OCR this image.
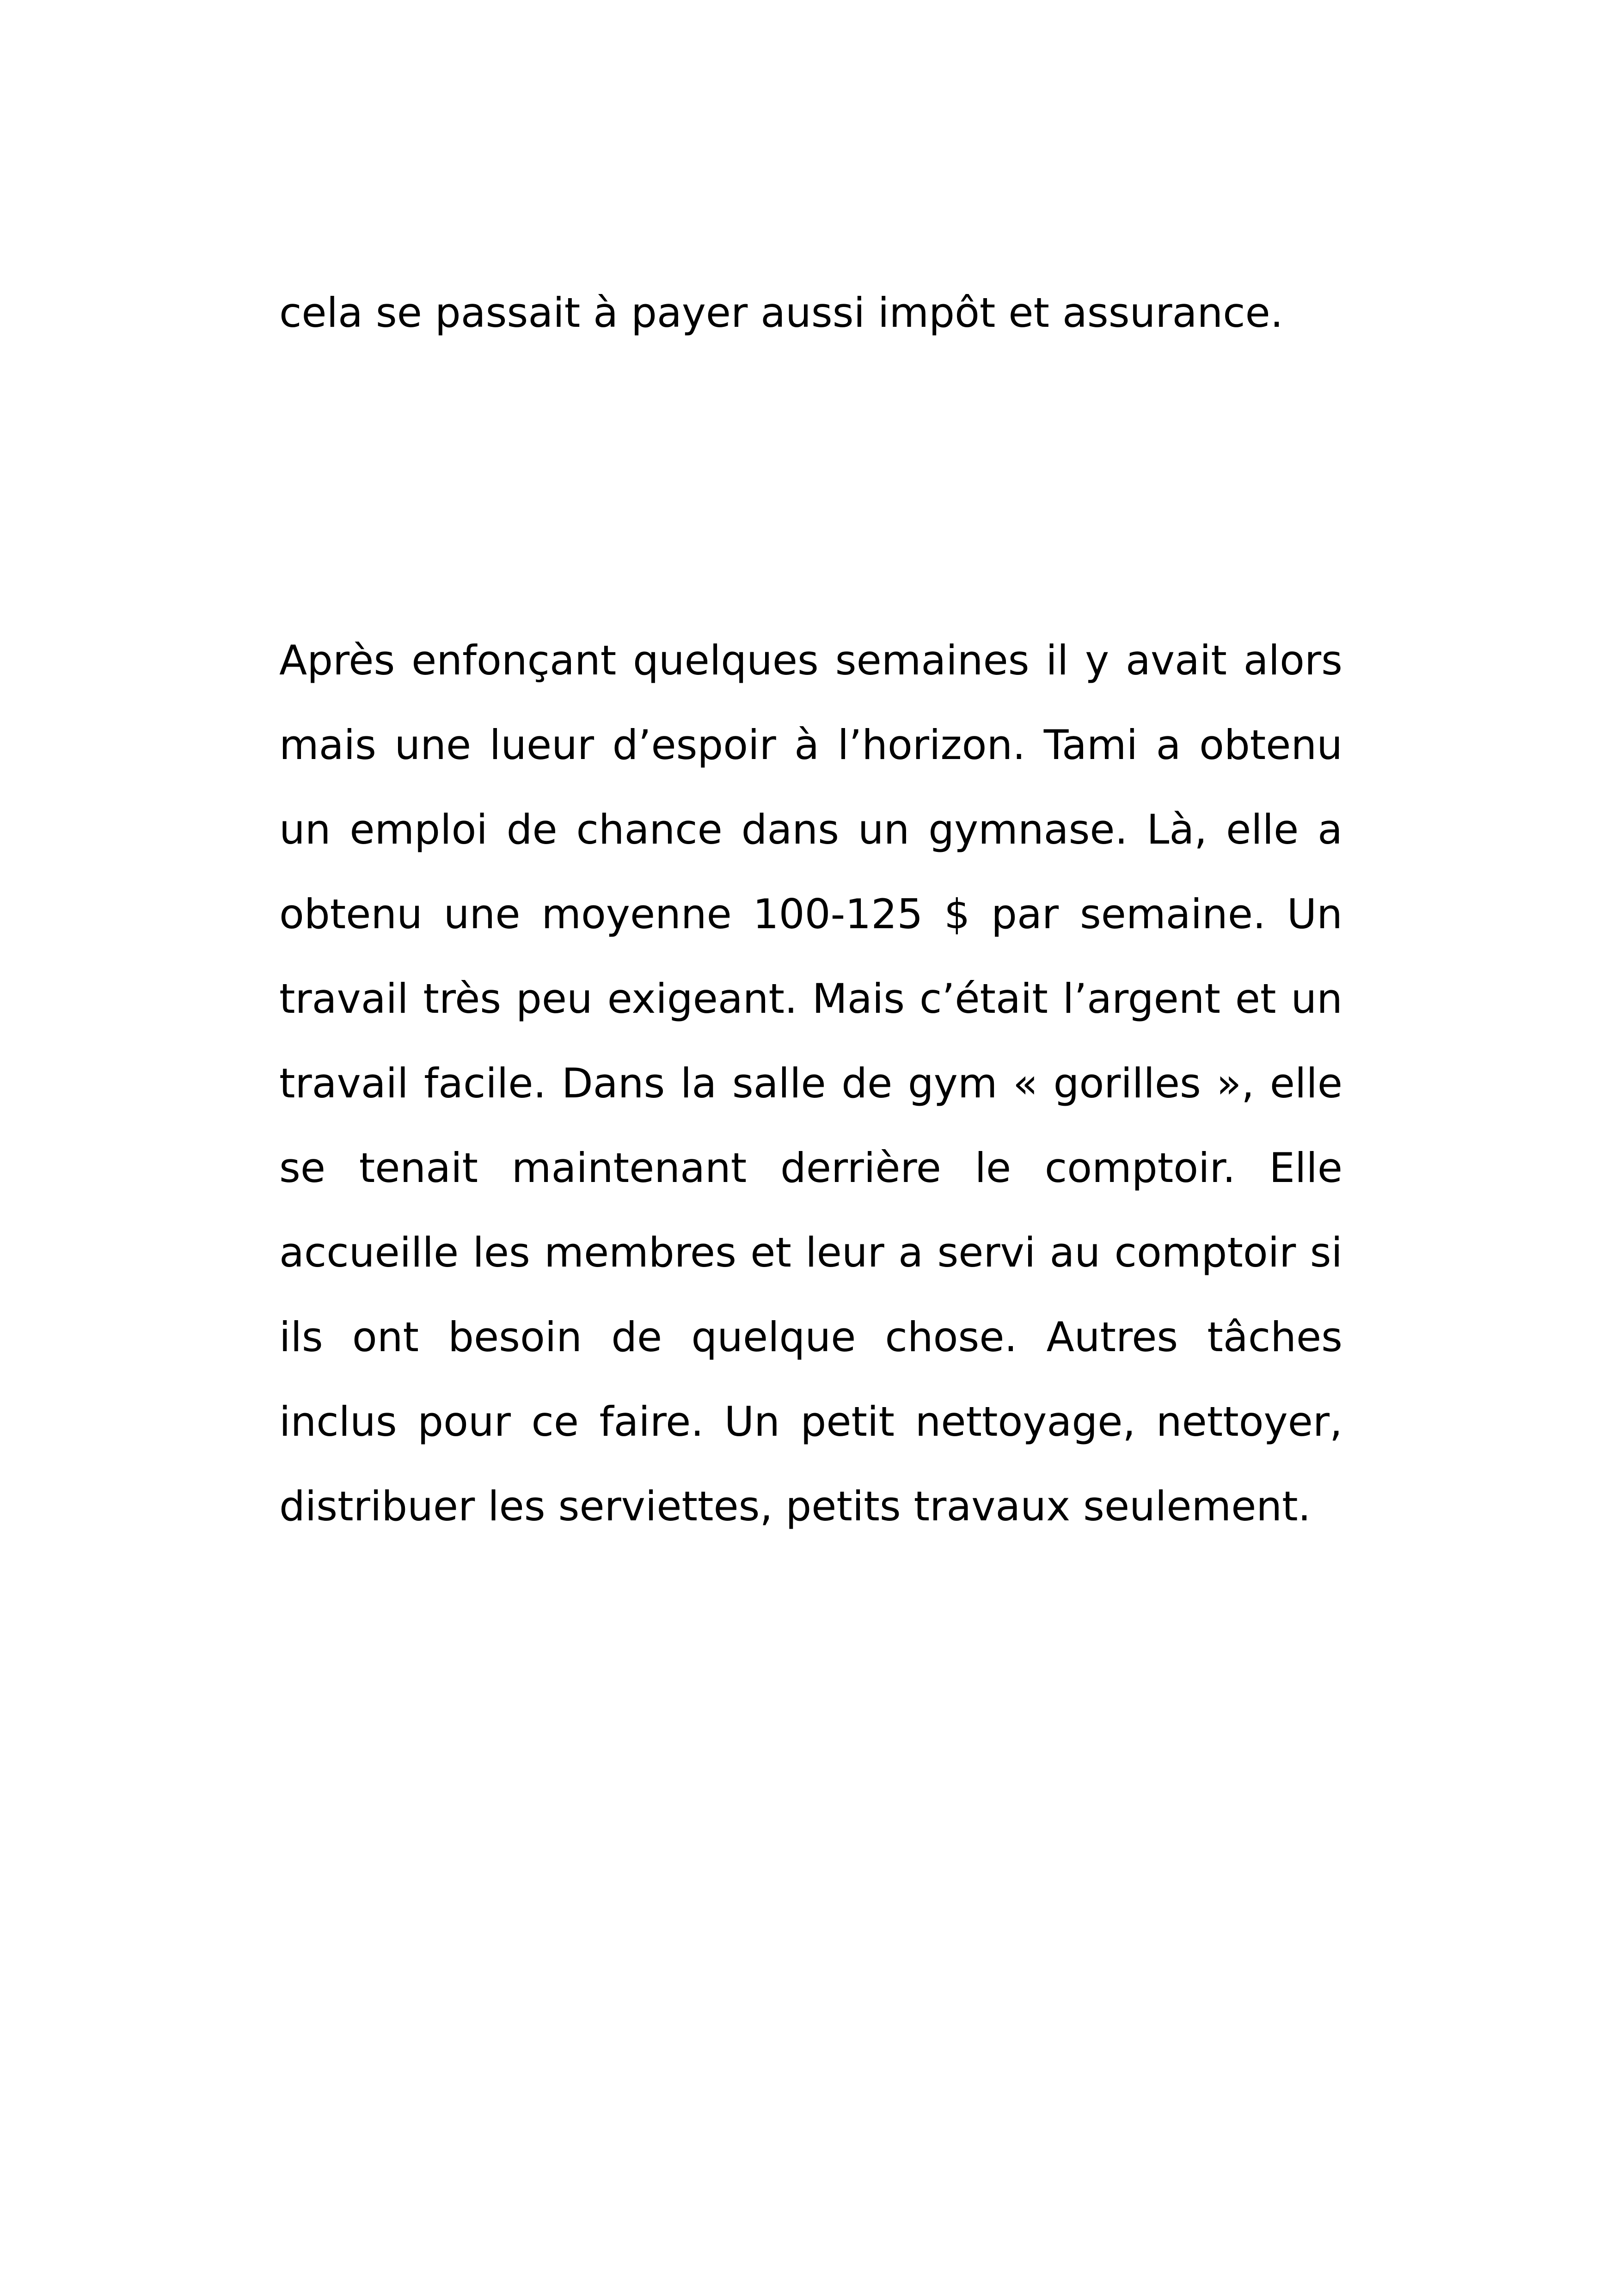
cela se passait à payer aussi impôt et assurance.

Après enfonçant quelques semaines il y avait alors mais une lueur d’espoir à l’horizon. Tami a obtenu un emploi de chance dans un gymnase. Là, elle a obtenu une moyenne 100-125 $ par semaine. Un travail très peu exigeant. Mais c’était l’argent et un travail facile. Dans la salle de gym « gorilles », elle se tenait maintenant derrière le comptoir. Elle accueille les membres et leur a servi au comptoir si ils ont besoin de quelque chose. Autres tâches inclus pour ce faire. Un petit nettoyage, nettoyer, distribuer les serviettes, petits travaux seulement.
